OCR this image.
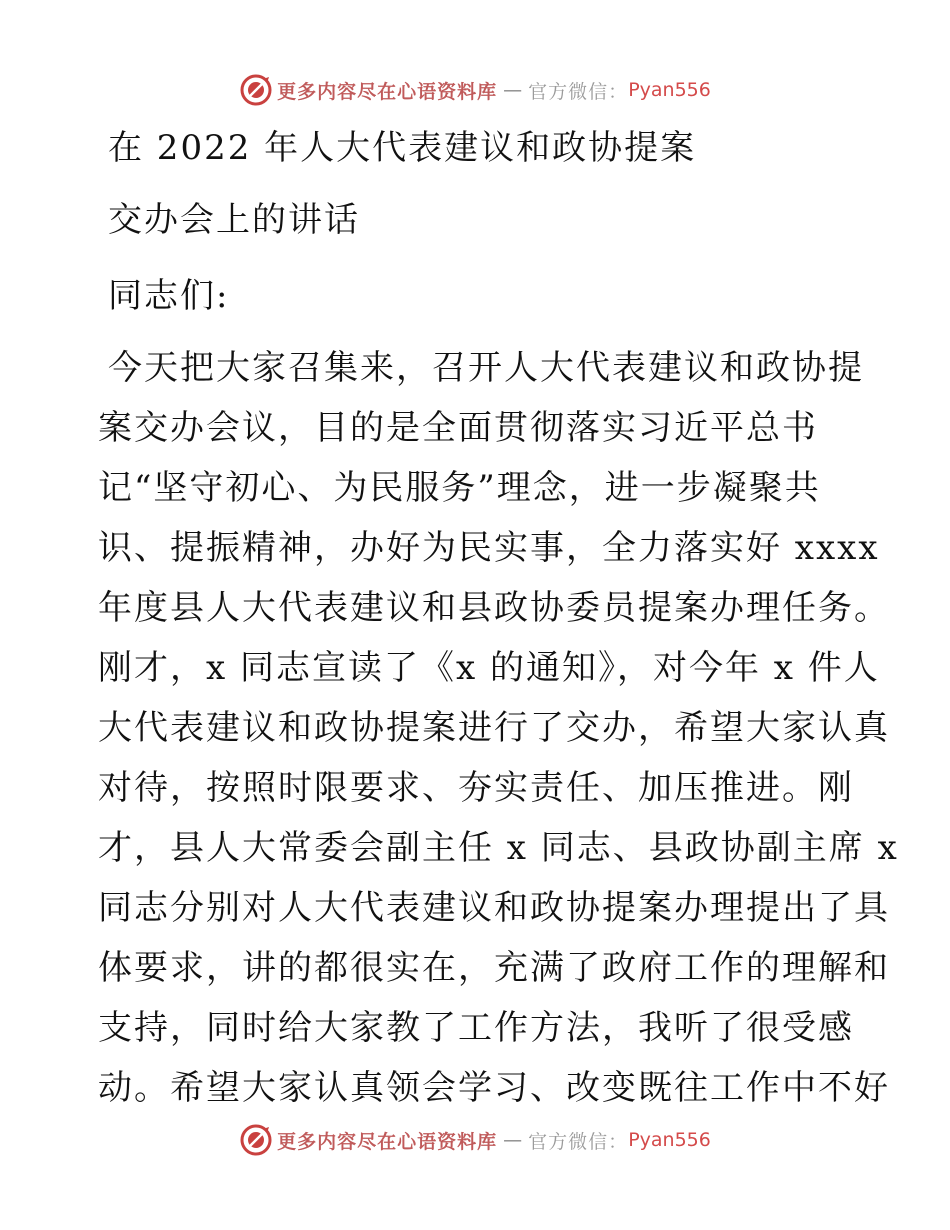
更多内容尽在心语资料库 — 官方微信： Pyan556
在 2022 年人大代表建议和政协提案
交办会上的讲话
同志们:
今天把大家召集来，召开人大代表建议和政协提
案交办会议，目的是全面贯彻落实习近平总书
记“坚守初心、为民服务”理念，进一步凝聚共
识、提振精神，办好为民实事，全力落实好 xxxx
年度县人大代表建议和县政协委员提案办理任务。
刚才，x 同志宣读了《x 的通知》，对今年 x 件人
大代表建议和政协提案进行了交办，希望大家认真
对待，按照时限要求、夯实责任、加压推进。刚
才，县人大常委会副主任 x 同志、县政协副主席 x
同志分别对人大代表建议和政协提案办理提出了具
体要求，讲的都很实在，充满了政府工作的理解和
支持，同时给大家教了工作方法，我听了很受感
动。希望大家认真领会学习、改变既往工作中不好
更多内容尽在心语资料库 — 官方微信： Pyan556
